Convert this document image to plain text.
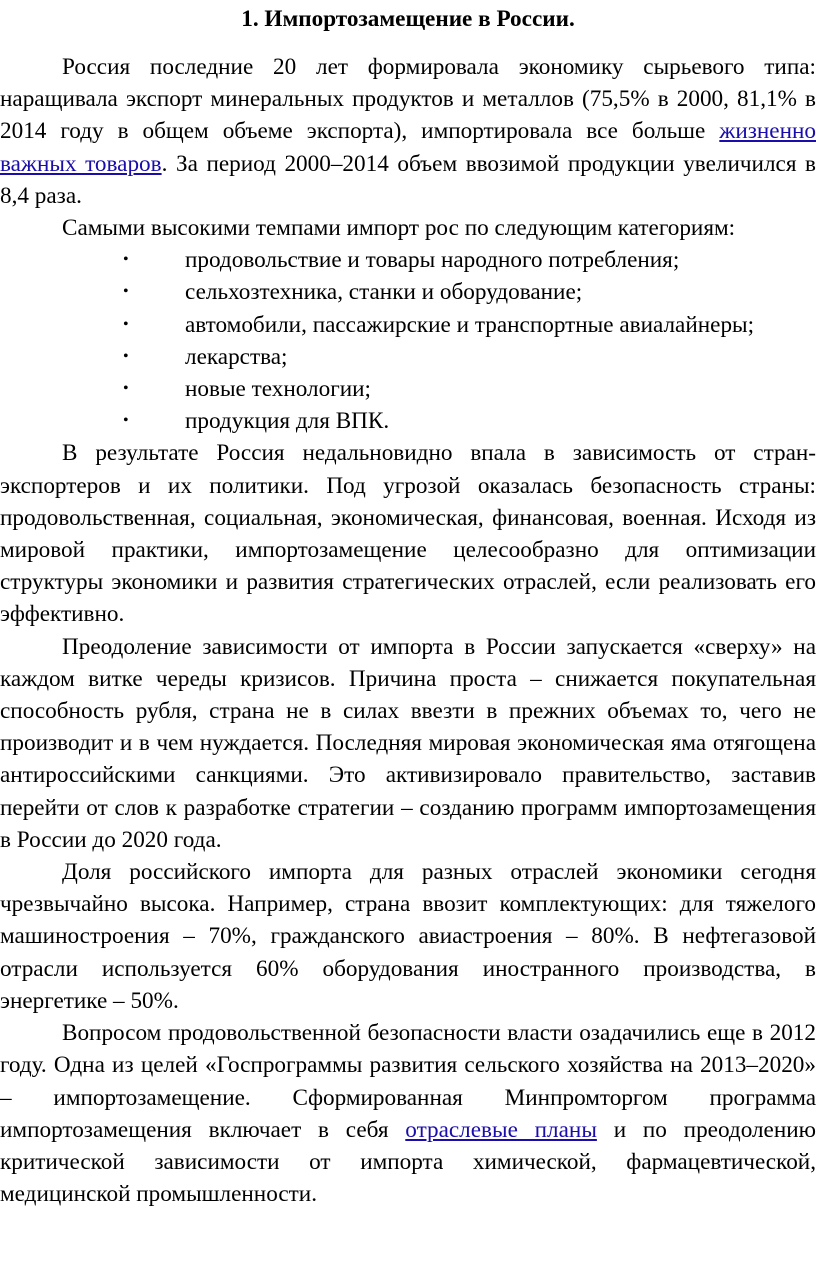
1. Импортозамещение в России.

Россия последние 20 лет формировала экономику сырьевого типа: наращивала экспорт минеральных продуктов и металлов (75,5% в 2000, 81,1% в 2014 году в общем объеме экспорта), импортировала все больше жизненно важных товаров. За период 2000–2014 объем ввозимой продукции увеличился в 8,4 раза.

Самыми высокими темпами импорт рос по следующим категориям:

• продовольствие и товары народного потребления;
• сельхозтехника, станки и оборудование;
• автомобили, пассажирские и транспортные авиалайнеры;
• лекарства;
• новые технологии;
• продукция для ВПК.

В результате Россия недальновидно впала в зависимость от стран-экспортеров и их политики. Под угрозой оказалась безопасность страны: продовольственная, социальная, экономическая, финансовая, военная. Исходя из мировой практики, импортозамещение целесообразно для оптимизации структуры экономики и развития стратегических отраслей, если реализовать его эффективно.

Преодоление зависимости от импорта в России запускается «сверху» на каждом витке череды кризисов. Причина проста – снижается покупательная способность рубля, страна не в силах ввезти в прежних объемах то, чего не производит и в чем нуждается. Последняя мировая экономическая яма отягощена антироссийскими санкциями. Это активизировало правительство, заставив перейти от слов к разработке стратегии – созданию программ импортозамещения в России до 2020 года.

Доля российского импорта для разных отраслей экономики сегодня чрезвычайно высока. Например, страна ввозит комплектующих: для тяжелого машиностроения – 70%, гражданского авиастроения – 80%. В нефтегазовой отрасли используется 60% оборудования иностранного производства, в энергетике – 50%.

Вопросом продовольственной безопасности власти озадачились еще в 2012 году. Одна из целей «Госпрограммы развития сельского хозяйства на 2013–2020» – импортозамещение. Сформированная Минпромторгом программа импортозамещения включает в себя отраслевые планы и по преодолению критической зависимости от импорта химической, фармацевтической, медицинской промышленности.
